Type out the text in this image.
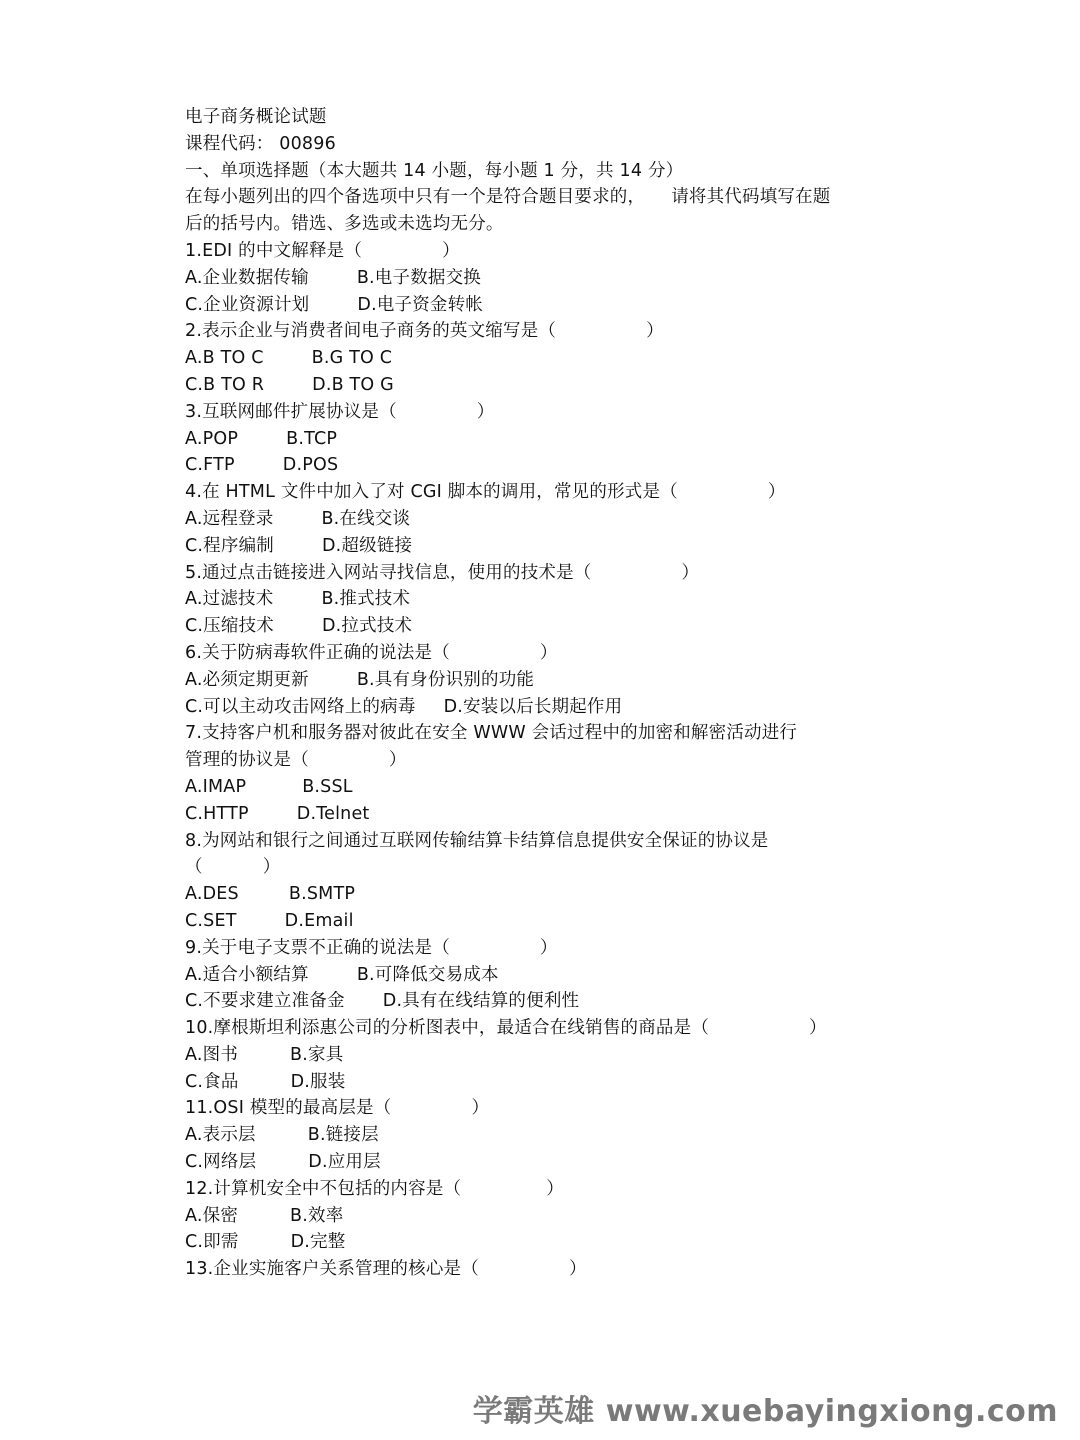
电子商务概论试题
课程代码： 00896
一、单项选择题（本大题共 14 小题，每小题 1 分，共 14 分）
在每小题列出的四个备选项中只有一个是符合题目要求的， 请将其代码填写在题
后的括号内。错选、多选或未选均无分。
1.EDI 的中文解释是（	）
A.企业数据传输	B.电子数据交换
C.企业资源计划	D.电子资金转帐
2.表示企业与消费者间电子商务的英文缩写是（	）
A.B TO C	B.G TO C
C.B TO R	D.B TO G
3.互联网邮件扩展协议是（	）
A.POP	B.TCP
C.FTP	D.POS
4.在 HTML 文件中加入了对 CGI 脚本的调用，常见的形式是（	）
A.远程登录	B.在线交谈
C.程序编制	D.超级链接
5.通过点击链接进入网站寻找信息，使用的技术是（	）
A.过滤技术	B.推式技术
C.压缩技术	D.拉式技术
6.关于防病毒软件正确的说法是（	）
A.必须定期更新	B.具有身份识别的功能
C.可以主动攻击网络上的病毒 D.安装以后长期起作用
7.支持客户机和服务器对彼此在安全 WWW 会话过程中的加密和解密活动进行
管理的协议是（	）
A.IMAP	B.SSL
C.HTTP	D.Telnet
8.为网站和银行之间通过互联网传输结算卡结算信息提供安全保证的协议是
（	）
A.DES	B.SMTP
C.SET	D.Email
9.关于电子支票不正确的说法是（	）
A.适合小额结算	B.可降低交易成本
C.不要求建立准备金 D.具有在线结算的便利性
10.摩根斯坦利添惠公司的分析图表中，最适合在线销售的商品是（	）
A.图书	B.家具
C.食品	D.服装
11.OSI 模型的最高层是（	）
A.表示层	B.链接层
C.网络层	D.应用层
12.计算机安全中不包括的内容是（	）
A.保密	B.效率
C.即需	D.完整
13.企业实施客户关系管理的核心是（	）
学霸英雄 www.xuebayingxiong.com
